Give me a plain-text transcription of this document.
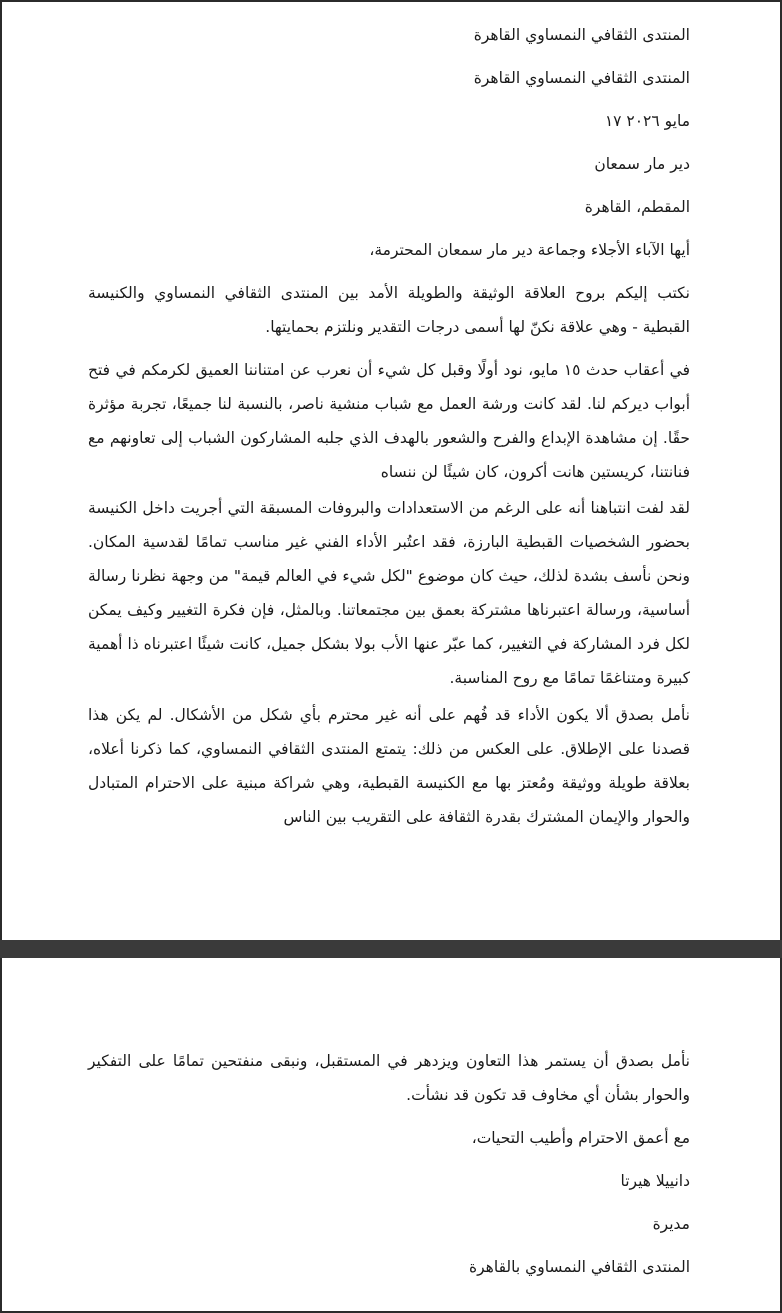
المنتدى الثقافي النمساوي القاهرة
المنتدى الثقافي النمساوي القاهرة
مايو ٢٠٢٦ ١٧
دير مار سمعان
المقطم، القاهرة
أيها الآباء الأجلاء وجماعة دير مار سمعان المحترمة،
نكتب إليكم بروح العلاقة الوثيقة والطويلة الأمد بين المنتدى الثقافي النمساوي والكنيسة القبطية - وهي علاقة نكنّ لها أسمى درجات التقدير ونلتزم بحمايتها.
في أعقاب حدث ١٥ مايو، نود أولًا وقبل كل شيء أن نعرب عن امتناننا العميق لكرمكم في فتح أبواب ديركم لنا. لقد كانت ورشة العمل مع شباب منشية ناصر، بالنسبة لنا جميعًا، تجربة مؤثرة حقًا. إن مشاهدة الإبداع والفرح والشعور بالهدف الذي جلبه المشاركون الشباب إلى تعاونهم مع فنانتنا، كريستين هانت أكرون، كان شيئًا لن ننساه
لقد لفت انتباهنا أنه على الرغم من الاستعدادات والبروفات المسبقة التي أجريت داخل الكنيسة بحضور الشخصيات القبطية البارزة، فقد اعتُبر الأداء الفني غير مناسب تمامًا لقدسية المكان. ونحن نأسف بشدة لذلك، حيث كان موضوع "لكل شيء في العالم قيمة" من وجهة نظرنا رسالة أساسية، ورسالة اعتبرناها مشتركة بعمق بين مجتمعاتنا. وبالمثل، فإن فكرة التغيير وكيف يمكن لكل فرد المشاركة في التغيير، كما عبّر عنها الأب بولا بشكل جميل، كانت شيئًا اعتبرناه ذا أهمية كبيرة ومتناغمًا تمامًا مع روح المناسبة.
نأمل بصدق ألا يكون الأداء قد فُهم على أنه غير محترم بأي شكل من الأشكال. لم يكن هذا قصدنا على الإطلاق. على العكس من ذلك: يتمتع المنتدى الثقافي النمساوي، كما ذكرنا أعلاه، بعلاقة طويلة ووثيقة ومُعتز بها مع الكنيسة القبطية، وهي شراكة مبنية على الاحترام المتبادل والحوار والإيمان المشترك بقدرة الثقافة على التقريب بين الناس
نأمل بصدق أن يستمر هذا التعاون ويزدهر في المستقبل، ونبقى منفتحين تمامًا على التفكير والحوار بشأن أي مخاوف قد تكون قد نشأت.
مع أعمق الاحترام وأطيب التحيات،
دانييلا هيرتا
مديرة
المنتدى الثقافي النمساوي بالقاهرة
